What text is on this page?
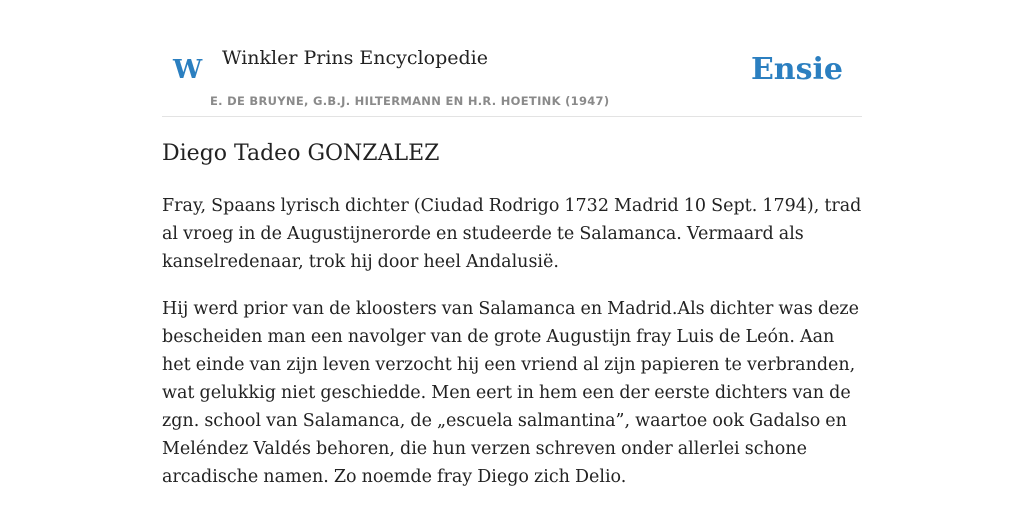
W Winkler Prins Encyclopedie
E. DE BRUYNE, G.B.J. HILTERMANN EN H.R. HOETINK (1947)
Ensie
Diego Tadeo GONZALEZ

Fray, Spaans lyrisch dichter (Ciudad Rodrigo 1732 Madrid 10 Sept. 1794), trad al vroeg in de Augustijnerorde en studeerde te Salamanca. Vermaard als kanselredenaar, trok hij door heel Andalusië.

Hij werd prior van de kloosters van Salamanca en Madrid.Als dichter was deze bescheiden man een navolger van de grote Augustijn fray Luis de León. Aan het einde van zijn leven verzocht hij een vriend al zijn papieren te verbranden, wat gelukkig niet geschiedde. Men eert in hem een der eerste dichters van de zgn. school van Salamanca, de „escuela salmantina”, waartoe ook Gadalso en Meléndez Valdés behoren, die hun verzen schreven onder allerlei schone arcadische namen. Zo noemde fray Diego zich Delio.
